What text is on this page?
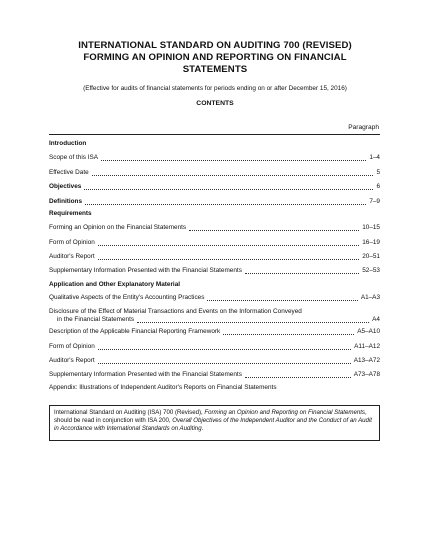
INTERNATIONAL STANDARD ON AUDITING 700 (REVISED)
FORMING AN OPINION AND REPORTING ON FINANCIAL
STATEMENTS
(Effective for audits of financial statements for periods ending on or after December 15, 2016)
CONTENTS
Paragraph
Introduction
Scope of this ISA	1–4
Effective Date	5
Objectives	6
Definitions	7–9
Requirements
Forming an Opinion on the Financial Statements	10–15
Form of Opinion	16–19
Auditor's Report	20–51
Supplementary Information Presented with the Financial Statements	52–53
Application and Other Explanatory Material
Qualitative Aspects of the Entity's Accounting Practices	A1–A3
Disclosure of the Effect of Material Transactions and Events on the Information Conveyed
in the Financial Statements	A4
Description of the Applicable Financial Reporting Framework	A5–A10
Form of Opinion	A11–A12
Auditor's Report	A13–A72
Supplementary Information Presented with the Financial Statements	A73–A78
Appendix: Illustrations of Independent Auditor's Reports on Financial Statements
International Standard on Auditing (ISA) 700 (Revised), Forming an Opinion and Reporting on Financial Statements, should be read in conjunction with ISA 200, Overall Objectives of the Independent Auditor and the Conduct of an Audit in Accordance with International Standards on Auditing.
